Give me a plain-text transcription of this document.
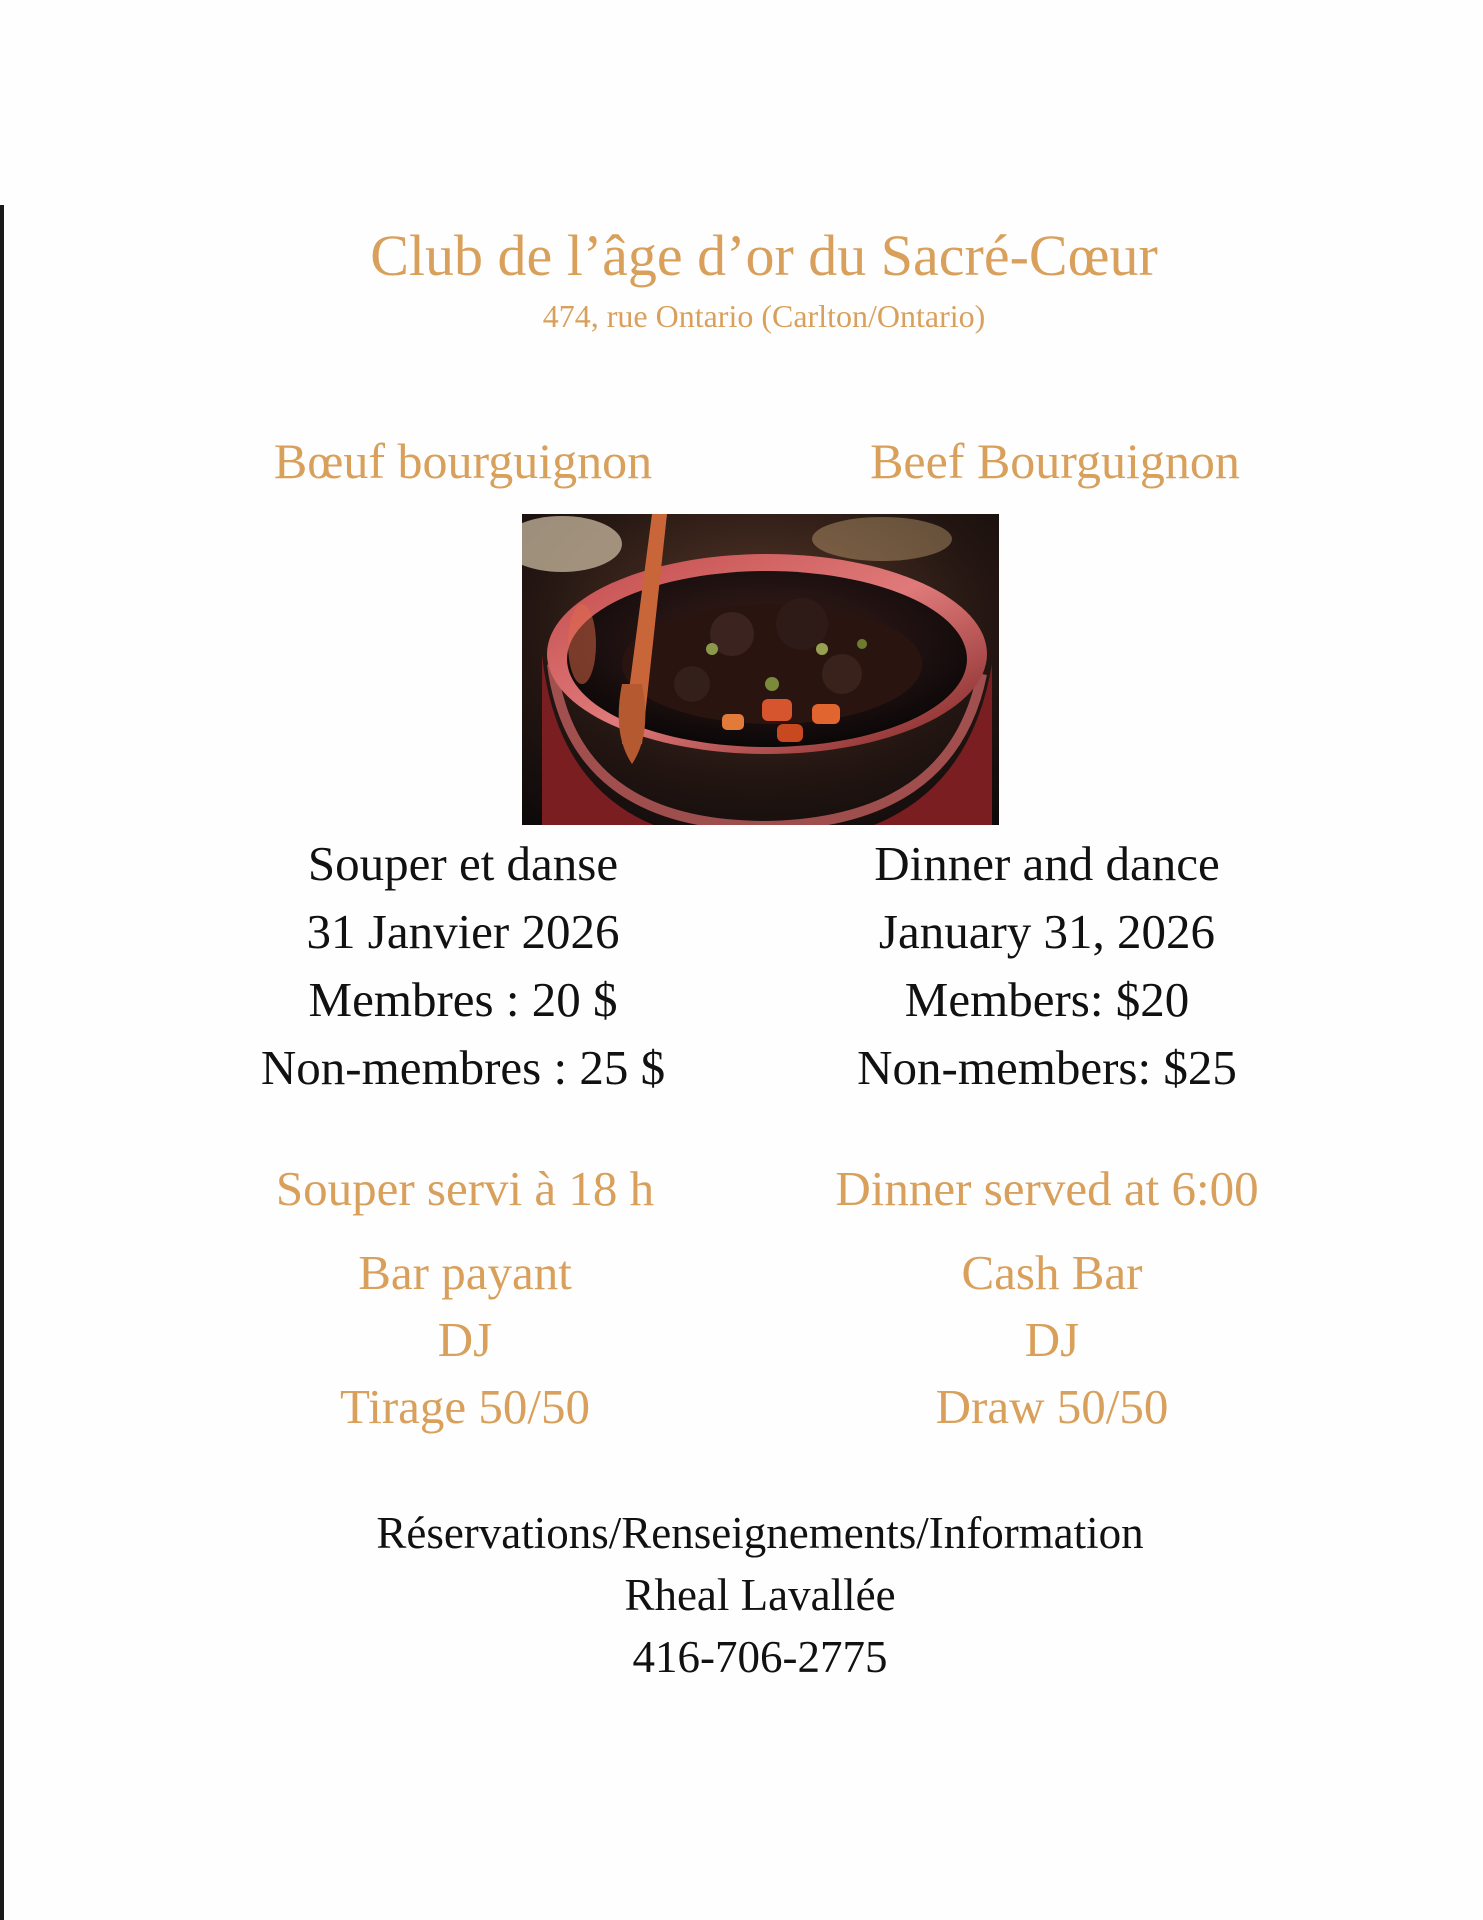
Club de l’âge d’or du Sacré-Cœur
474, rue Ontario (Carlton/Ontario)
Bœuf bourguignon	Beef Bourguignon
Souper et danse
31 Janvier 2026
Membres : 20 $
Non-membres : 25 $
Dinner and dance
January 31, 2026
Members: $20
Non-members: $25
Souper servi à 18 h	Dinner served at 6:00
Bar payant
DJ
Tirage 50/50
Cash Bar
DJ
Draw 50/50
Réservations/Renseignements/Information
Rheal Lavallée
416-706-2775
